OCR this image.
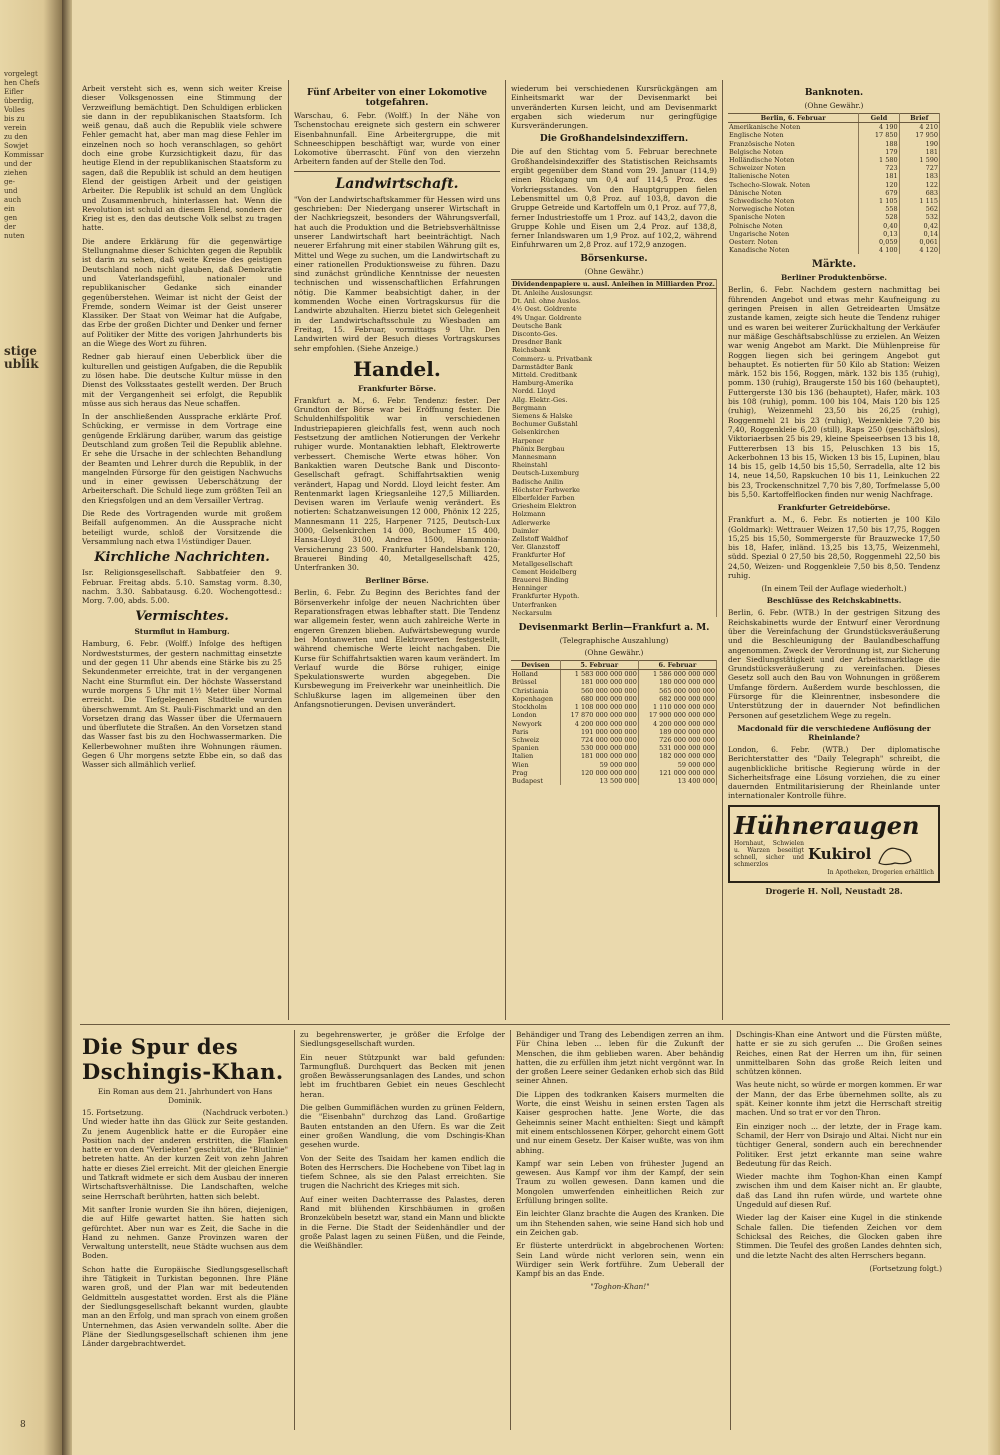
vorgelegt
hen Chefs
Eifler
überdig,
Volles
bis zu
verein
zu den
Sowjet
Kommissar
und der
ziehen
ge-
und
auch
ein
gen
der
nuten
stige ublik
8

Arbeit versteht sich es, wenn sich weiter Kreise dieser Volksgenossen eine Stimmung der Verzweiflung bemächtigt. Den Schuldigen erblicken sie dann in der republikanischen Staatsform. Ich weiß genau, daß auch die Republik viele schwere Fehler gemacht hat, aber man mag diese Fehler im einzelnen noch so hoch veranschlagen, so gehört doch eine grobe Kurzsichtigkeit dazu, für das heutige Elend in der republikanischen Staatsform zu sagen, daß die Republik ist schuld an dem heutigen Elend der geistigen Arbeit und der geistigen Arbeiter. Die Republik ist schuld an dem Unglück und Zusammenbruch, hinterlassen hat. Wenn die Revolution ist schuld an diesem Elend, sondern der Krieg ist es, den das deutsche Volk selbst zu tragen hatte.

Die andere Erklärung für die gegenwärtige Stellungnahme dieser Schichten gegen die Republik ist darin zu sehen, daß weite Kreise des geistigen Deutschland noch nicht glauben, daß Demokratie und Vaterlandsgefühl, nationaler und republikanischer Gedanke sich einander gegenüberstehen. Weimar ist nicht der Geist der Fremde, sondern Weimar ist der Geist unserer Klassiker. Der Staat von Weimar hat die Aufgabe, das Erbe der großen Dichter und Denker und ferner auf Politiker der Mitte des vorigen Jahrhunderts bis an die Wiege des Wort zu führen.

Redner gab hierauf einen Ueberblick über die kulturellen und geistigen Aufgaben, die die Republik zu lösen habe. Die deutsche Kultur müsse in den Dienst des Volksstaates gestellt werden. Der Bruch mit der Vergangenheit sei erfolgt, die Republik müsse aus sich heraus das Neue schaffen.

In der anschließenden Aussprache erklärte Prof. Schücking, er vermisse in dem Vortrage eine genügende Erklärung darüber, warum das geistige Deutschland zum großen Teil die Republik ablehne. Er sehe die Ursache in der schlechten Behandlung der Beamten und Lehrer durch die Republik, in der mangelnden Fürsorge für den geistigen Nachwuchs und in einer gewissen Ueberschätzung der Arbeiterschaft. Die Schuld liege zum größten Teil an den Kriegsfolgen und an dem Versailler Vertrag.

Die Rede des Vortragenden wurde mit großem Beifall aufgenommen. An die Aussprache nicht beteiligt wurde, schloß der Vorsitzende die Versammlung nach etwa 1½stündiger Dauer.

Kirchliche Nachrichten.

Isr. Religionsgesellschaft. Sabbatfeier den 9. Februar. Freitag abds. 5.10. Samstag vorm. 8.30, nachm. 3.30. Sabbatausg. 6.20. Wochengottesd.: Morg. 7.00, abds. 5.00.

Vermischtes.
Sturmflut in Hamburg.

Hamburg, 6. Febr. (Wolff.) Infolge des heftigen Nordweststurmes, der gestern nachmittag einsetzte und der gegen 11 Uhr abends eine Stärke bis zu 25 Sekundenmeter erreichte, trat in der vergangenen Nacht eine Sturmflut ein. Der höchste Wasserstand wurde morgens 5 Uhr mit 1½ Meter über Normal erreicht. Die Tiefgelegenen Stadtteile wurden überschwemmt. Am St. Pauli-Fischmarkt und an den Vorsetzen drang das Wasser über die Ufermauern und überflutete die Straßen. An den Vorsetzen stand das Wasser fast bis zu den Hochwassermarken. Die Kellerbewohner mußten ihre Wohnungen räumen. Gegen 6 Uhr morgens setzte Ebbe ein, so daß das Wasser sich allmählich verlief.

Fünf Arbeiter von einer Lokomotive totgefahren.

Warschau, 6. Febr. (Wolff.) In der Nähe von Tschenstochau ereignete sich gestern ein schwerer Eisenbahnunfall. Eine Arbeitergruppe, die mit Schneeschippen beschäftigt war, wurde von einer Lokomotive überrascht. Fünf von den vierzehn Arbeitern fanden auf der Stelle den Tod.

Landwirtschaft.

"Von der Landwirtschaftskammer für Hessen wird uns geschrieben: Der Niedergang unserer Wirtschaft in der Nachkriegszeit, besonders der Währungsverfall, hat auch die Produktion und die Betriebsverhältnisse unserer Landwirtschaft hart beeinträchtigt. Nach neuerer Erfahrung mit einer stabilen Währung gilt es, Mittel und Wege zu suchen, um die Landwirtschaft zu einer rationellen Produktionsweise zu führen. Dazu sind zunächst gründliche Kenntnisse der neuesten technischen und wissenschaftlichen Erfahrungen nötig. Die Kammer beabsichtigt daher, in der kommenden Woche einen Vortragskursus für die Landwirte abzuhalten. Hierzu bietet sich Gelegenheit in der Landwirtschaftsschule zu Wiesbaden am Freitag, 15. Februar, vormittags 9 Uhr. Den Landwirten wird der Besuch dieses Vortragskurses sehr empfohlen. (Siehe Anzeige.)

Handel.
Frankfurter Börse.

Frankfurt a. M., 6. Febr. Tendenz: fester. Der Grundton der Börse war bei Eröffnung fester. Die Schuldenhilfspolitik war in verschiedenen Industriepapieren gleichfalls fest, wenn auch noch Festsetzung der amtlichen Notierungen der Verkehr ruhiger wurde. Montanaktien lebhaft, Elektrowerte verbessert. Chemische Werte etwas höher. Von Bankaktien waren Deutsche Bank und Disconto-Gesellschaft gefragt. Schiffahrtsaktien wenig verändert, Hapag und Nordd. Lloyd leicht fester. Am Rentenmarkt lagen Kriegsanleihe 127,5 Milliarden. Devisen waren im Verlaufe wenig verändert. Es notierten: Schatzanweisungen 12 000, Phönix 12 225, Mannesmann 11 225, Harpener 7125, Deutsch-Lux 3000, Gelsenkirchen 14 000, Bochumer 15 400, Hansa-Lloyd 3100, Andrea 1500, Hammonia-Versicherung 23 500. Frankfurter Handelsbank 120, Brauerei Binding 40, Metallgesellschaft 425, Unterfranken 30.

Berliner Börse.

Berlin, 6. Febr. Zu Beginn des Berichtes fand der Börsenverkehr infolge der neuen Nachrichten über Reparationsfragen etwas lebhafter statt. Die Tendenz war allgemein fester, wenn auch zahlreiche Werte in engeren Grenzen blieben. Aufwärtsbewegung wurde bei Montanwerten und Elektrowerten festgestellt, während chemische Werte leicht nachgaben. Die Kurse für Schiffahrtsaktien waren kaum verändert. Im Verlauf wurde die Börse ruhiger, einige Spekulationswerte wurden abgegeben. Die Kursbewegung im Freiverkehr war uneinheitlich. Die Schlußkurse lagen im allgemeinen über den Anfangsnotierungen. Devisen unverändert.

wiederum bei verschiedenen Kursrückgängen am Einheitsmarkt war der Devisenmarkt bei unveränderten Kursen leicht, und am Devisenmarkt ergaben sich wiederum nur geringfügige Kursveränderungen.

Die Großhandelsindexziffern.

Die auf den Stichtag vom 5. Februar berechnete Großhandelsindexziffer des Statistischen Reichsamts ergibt gegenüber dem Stand vom 29. Januar (114,9) einen Rückgang um 0,4 auf 114,5 Proz. des Vorkriegsstandes. Von den Hauptgruppen fielen Lebensmittel um 0,8 Proz. auf 103,8, davon die Gruppe Getreide und Kartoffeln um 0,1 Proz. auf 77,8, ferner Industriestoffe um 1 Proz. auf 143,2, davon die Gruppe Kohle und Eisen um 2,4 Proz. auf 138,8, ferner Inlandswaren um 1,9 Proz. auf 102,2, während Einfuhrwaren um 2,8 Proz. auf 172,9 anzogen.

Börsenkurse.
(Ohne Gewähr.)
Dividendenpapiere u. ausl. Anleihen in Milliarden Proz.				
Dt. Anleihe Auslosungsr.				
Dt. Anl. ohne Auslos.				
4½ Oest. Goldrente				
4% Ungar. Goldrente				
Deutsche Bank				
Disconto-Ges.				
Dresdner Bank				
Reichsbank				
Commerz- u. Privatbank				
Darmstädter Bank				
Mitteld. Creditbank				
Hamburg-Amerika				
Nordd. Lloyd				
Allg. Elektr.-Ges.				
Bergmann				
Siemens & Halske				
Bochumer Gußstahl				
Gelsenkirchen				
Harpener				
Phönix Bergbau				
Mannesmann				
Rheinstahl				
Deutsch-Luxemburg				
Badische Anilin				
Höchster Farbwerke				
Elberfelder Farben				
Griesheim Elektron				
Holzmann				
Adlerwerke				
Daimler				
Zellstoff Waldhof				
Ver. Glanzstoff				
Frankfurter Hof				
Metallgesellschaft				
Cement Heidelberg				
Brauerei Binding				
Henninger				
Frankfurter Hypoth.				
Unterfranken				
Neckarsulm				
Devisenmarkt Berlin—Frankfurt a. M.
(Telegraphische Auszahlung)
(Ohne Gewähr.)
Devisen	5. Februar	6. Februar
Holland	1 583 000 000 000	1 586 000 000 000
Brüssel	181 000 000 000	180 000 000 000
Christiania	560 000 000 000	565 000 000 000
Kopenhagen	680 000 000 000	682 000 000 000
Stockholm	1 108 000 000 000	1 110 000 000 000
London	17 870 000 000 000	17 900 000 000 000
Newyork	4 200 000 000 000	4 200 000 000 000
Paris	191 000 000 000	189 000 000 000
Schweiz	724 000 000 000	726 000 000 000
Spanien	530 000 000 000	531 000 000 000
Italien	181 000 000 000	182 000 000 000
Wien	59 000 000	59 000 000
Prag	120 000 000 000	121 000 000 000
Budapest	13 500 000	13 400 000
Banknoten.
(Ohne Gewähr.)
Berlin, 6. Februar	Geld	Brief
Amerikanische Noten	4 190	4 210
Englische Noten	17 850	17 950
Französische Noten	188	190
Belgische Noten	179	181
Holländische Noten	1 580	1 590
Schweizer Noten	723	727
Italienische Noten	181	183
Tschecho-Slowak. Noten	120	122
Dänische Noten	679	683
Schwedische Noten	1 105	1 115
Norwegische Noten	558	562
Spanische Noten	528	532
Polnische Noten	0,40	0,42
Ungarische Noten	0,13	0,14
Oesterr. Noten	0,059	0,061
Kanadische Noten	4 100	4 120
Märkte.
Berliner Produktenbörse.

Berlin, 6. Febr. Nachdem gestern nachmittag bei führenden Angebot und etwas mehr Kaufneigung zu geringen Preisen in allen Getreidearten Umsätze zustande kamen, zeigte sich heute die Tendenz ruhiger und es waren bei weiterer Zurückhaltung der Verkäufer nur mäßige Geschäftsabschlüsse zu erzielen. An Weizen war wenig Angebot am Markt. Die Mühlenpreise für Roggen liegen sich bei geringem Angebot gut behauptet. Es notierten für 50 Kilo ab Station: Weizen märk. 152 bis 156, Roggen, märk. 132 bis 135 (ruhig), pomm. 130 (ruhig), Braugerste 150 bis 160 (behauptet), Futtergerste 130 bis 136 (behauptet), Hafer, märk. 103 bis 108 (ruhig), pomm. 100 bis 104, Mais 120 bis 125 (ruhig), Weizenmehl 23,50 bis 26,25 (ruhig), Roggenmehl 21 bis 23 (ruhig), Weizenkleie 7,20 bis 7,40, Roggenkleie 6,20 (still), Raps 250 (geschäftslos), Viktoriaerbsen 25 bis 29, kleine Speiseerbsen 13 bis 18, Futtererbsen 13 bis 15, Peluschken 13 bis 15, Ackerbohnen 13 bis 15, Wicken 13 bis 15, Lupinen, blau 14 bis 15, gelb 14,50 bis 15,50, Serradella, alte 12 bis 14, neue 14,50, Rapskuchen 10 bis 11, Leinkuchen 22 bis 23, Trockenschnitzel 7,70 bis 7,80, Torfmelasse 5,00 bis 5,50. Kartoffelflocken finden nur wenig Nachfrage.

Frankfurter Getreidebörse.

Frankfurt a. M., 6. Febr. Es notierten je 100 Kilo (Goldmark): Wettrauer Weizen 17,50 bis 17,75, Roggen 15,25 bis 15,50, Sommergerste für Brauzwecke 17,50 bis 18, Hafer, inländ. 13,25 bis 13,75, Weizenmehl, südd. Spezial 0 27,50 bis 28,50, Roggenmehl 22,50 bis 24,50, Weizen- und Roggenkleie 7,50 bis 8,50. Tendenz ruhig.

(In einem Teil der Auflage wiederholt.)
Beschlüsse des Reichskabinetts.

Berlin, 6. Febr. (WTB.) In der gestrigen Sitzung des Reichskabinetts wurde der Entwurf einer Verordnung über die Vereinfachung der Grundstücksveräußerung und die Beschleunigung der Baulandbeschaffung angenommen. Zweck der Verordnung ist, zur Sicherung der Siedlungstätigkeit und der Arbeitsmarktlage die Grundstücksveräußerung zu vereinfachen. Dieses Gesetz soll auch den Bau von Wohnungen in größerem Umfange fördern. Außerdem wurde beschlossen, die Fürsorge für die Kleinrentner, insbesondere die Unterstützung der in dauernder Not befindlichen Personen auf gesetzlichem Wege zu regeln.

Macdonald für die verschiedene Auflösung der Rheinlande?

London, 6. Febr. (WTB.) Der diplomatische Berichterstatter des "Daily Telegraph" schreibt, die augenblickliche britische Regierung würde in der Sicherheitsfrage eine Lösung vorziehen, die zu einer dauernden Entmilitarisierung der Rheinlande unter internationaler Kontrolle führe.

Hühneraugen
Hornhaut, Schwielen u. Warzen beseitigt schnell, sicher und schmerzlos
Kukirol
In Apotheken, Drogerien erhältlich
Drogerie H. Noll, Neustadt 28.
Die Spur des Dschingis-Khan.
Ein Roman aus dem 21. Jahrhundert von Hans Dominik.
15. Fortsetzung.	(Nachdruck verboten.)

Und wieder hatte ihn das Glück zur Seite gestanden. Zu jenem Augenblick hatte er die Europäer eine Position nach der anderen erstritten, die Flanken hatte er von den "Verliebten" geschützt, die "Blutlinie" betreten hatte. An der kurzen Zeit von zehn Jahren hatte er dieses Ziel erreicht. Mit der gleichen Energie und Tatkraft widmete er sich dem Ausbau der inneren Wirtschaftsverhältnisse. Die Landschaften, welche seine Herrschaft berührten, hatten sich belebt.

Mit sanfter Ironie wurden Sie ihn hören, diejenigen, die auf Hilfe gewartet hatten. Sie hatten sich gefürchtet. Aber nun war es Zeit, die Sache in die Hand zu nehmen. Ganze Provinzen waren der Verwaltung unterstellt, neue Städte wuchsen aus dem Boden.

Schon hatte die Europäische Siedlungsgesellschaft ihre Tätigkeit in Turkistan begonnen. Ihre Pläne waren groß, und der Plan war mit bedeutenden Geldmitteln ausgestattet worden. Erst als die Pläne der Siedlungsgesellschaft bekannt wurden, glaubte man an den Erfolg, und man sprach von einem großen Unternehmen, das Asien verwandeln sollte. Aber die Pläne der Siedlungsgesellschaft schienen ihm jene Länder dargebrachtwerdet.

zu begehrenswerter, je größer die Erfolge der Siedlungsgesellschaft wurden.

Ein neuer Stützpunkt war bald gefunden: Tarmungfluß. Durchquert das Becken mit jenen großen Bewässerungsanlagen des Landes, und schon lebt im fruchtbaren Gebiet ein neues Geschlecht heran.

Die gelben Gummiflächen wurden zu grünen Feldern, die "Eisenbahn" durchzog das Land. Großartige Bauten entstanden an den Ufern. Es war die Zeit einer großen Wandlung, die vom Dschingis-Khan gesehen wurde.

Von der Seite des Tsaidam her kamen endlich die Boten des Herrschers. Die Hochebene von Tibet lag in tiefem Schnee, als sie den Palast erreichten. Sie trugen die Nachricht des Krieges mit sich.

Auf einer weiten Dachterrasse des Palastes, deren Rand mit blühenden Kirschbäumen in großen Bronzekübeln besetzt war, stand ein Mann und blickte in die Ferne. Die Stadt der Seidenhändler und der große Palast lagen zu seinen Füßen, und die Feinde, die Weißhändler.

Behändiger und Trang des Lebendigen zerren an ihm. Für China leben ... leben für die Zukunft der Menschen, die ihm geblieben waren. Aber behändig hatten, die zu erfüllen ihm jetzt nicht vergönnt war. In der großen Leere seiner Gedanken erhob sich das Bild seiner Ahnen.

Die Lippen des todkranken Kaisers murmelten die Worte, die einst Weishu in seinen ersten Tagen als Kaiser gesprochen hatte. Jene Worte, die das Geheimnis seiner Macht enthielten: Siegt und kämpft mit einem entschlossenen Körper, gehorcht einem Gott und nur einem Gesetz. Der Kaiser wußte, was von ihm abhing.

Kampf war sein Leben von frühester Jugend an gewesen. Aus Kampf vor ihm der Kampf, der sein Traum zu wollen gewesen. Dann kamen und die Mongolen umwerfenden einheitlichen Reich zur Erfüllung bringen sollte.

Ein leichter Glanz brachte die Augen des Kranken. Die um ihn Stehenden sahen, wie seine Hand sich hob und ein Zeichen gab.

Er flüsterte unterdrückt in abgebrochenen Worten: Sein Land würde nicht verloren sein, wenn ein Würdiger sein Werk fortführe. Zum Ueberall der Kampf bis an das Ende.

"Toghon-Khan!"

Dschingis-Khan eine Antwort und die Fürsten müßte, hatte er sie zu sich gerufen ... Die Großen seines Reiches, einen Rat der Herren um ihn, für seinen unmittelbaren Sohn das große Reich leiten und schützen können.

Was heute nicht, so würde er morgen kommen. Er war der Mann, der das Erbe übernehmen sollte, als zu spät. Keiner konnte ihm jetzt die Herrschaft streitig machen. Und so trat er vor den Thron.

Ein einziger noch ... der letzte, der in Frage kam. Schamil, der Herr von Dsirajo und Altai. Nicht nur ein tüchtiger General, sondern auch ein berechnender Politiker. Erst jetzt erkannte man seine wahre Bedeutung für das Reich.

Wieder machte ihm Toghon-Khan einen Kampf zwischen ihm und dem Kaiser nicht an. Er glaubte, daß das Land ihn rufen würde, und wartete ohne Ungeduld auf diesen Ruf.

Wieder lag der Kaiser eine Kugel in die stinkende Schale fallen. Die tiefenden Zeichen vor dem Schicksal des Reiches, die Glocken gaben ihre Stimmen. Die Teufel des großen Landes dehnten sich, und die letzte Nacht des alten Herrschers begann.

(Fortsetzung folgt.)
